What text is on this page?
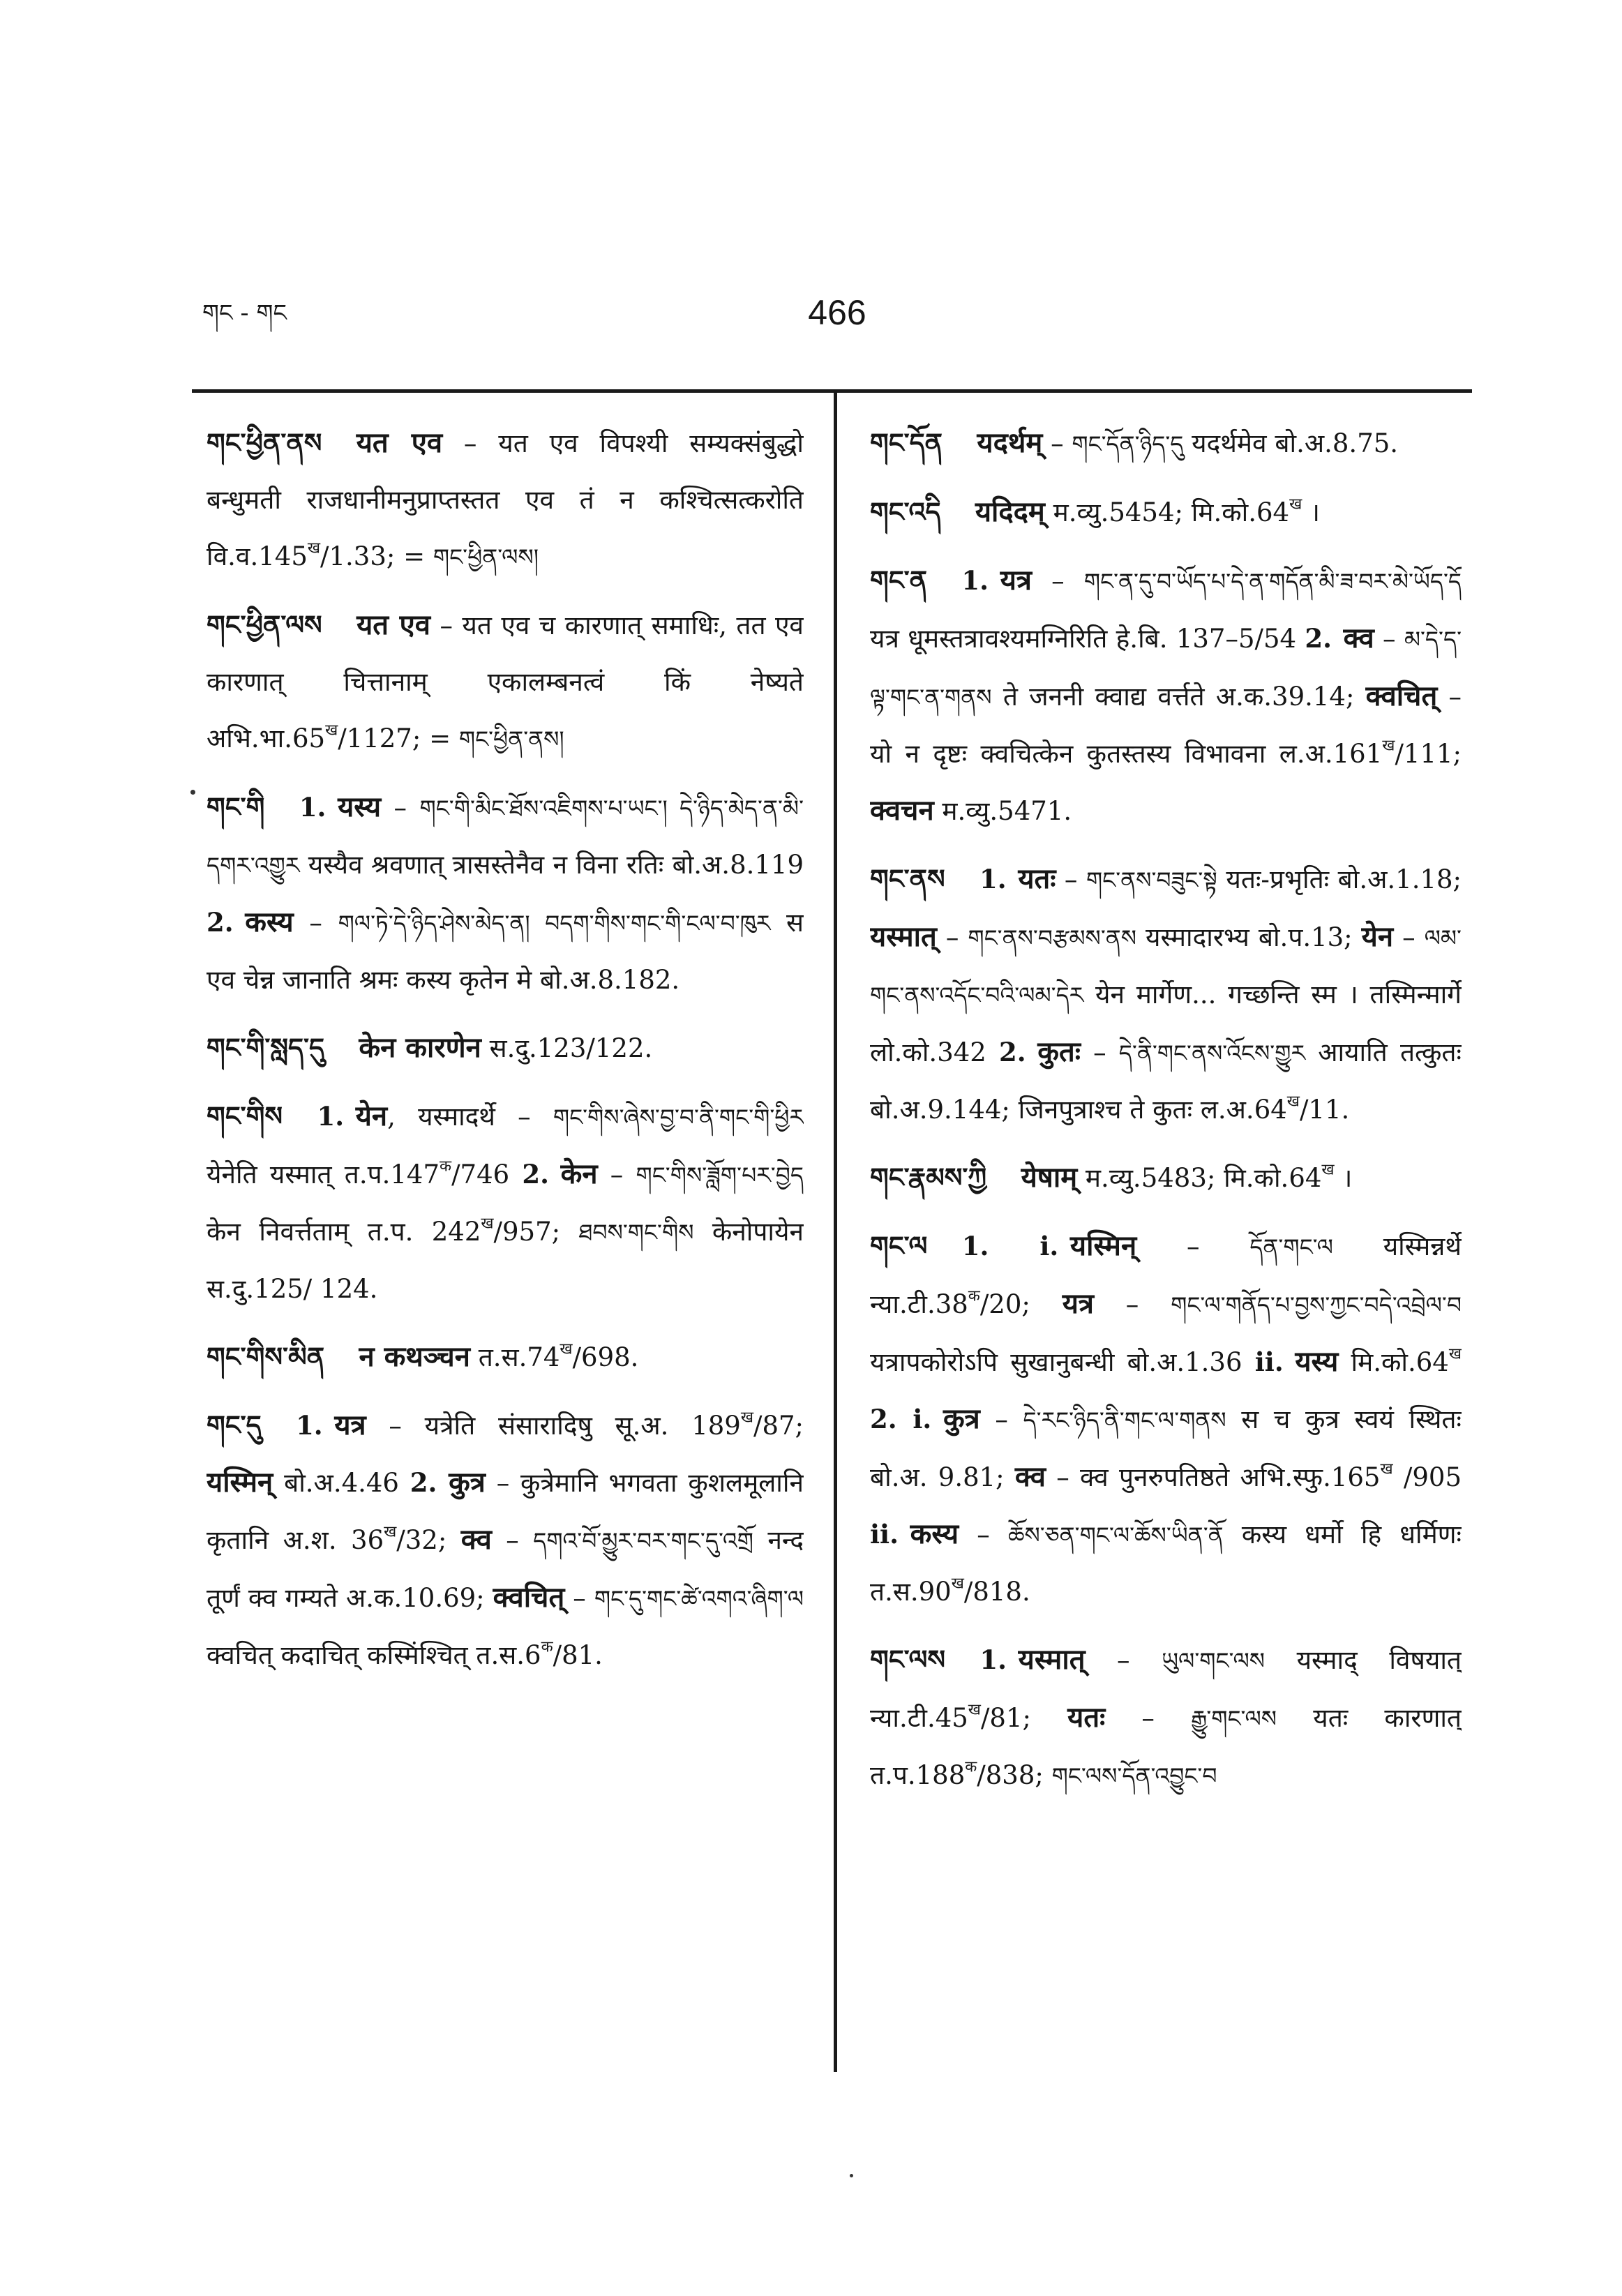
གང - གང	466

གང་ཕྱིན་ནས यत एव – यत एव विपश्यी सम्यक्संबुद्धो बन्धुमती राजधानीमनुप्राप्तस्तत एव तं न कश्चित्सत्करोति $वि.व.145^ख/1.33$; = གང་ཕྱིན་ལས།

གང་ཕྱིན་ལས यत एव – यत एव च कारणात् समाधिः, तत एव कारणात् चित्तानाम् एकालम्बनत्वं किं नेष्यते $अभि.भा.65^ख/1127$; = གང་ཕྱིན་ནས།

གང་གི 1. यस्य – གང་གི་མིང་ཐོས་འཇིགས་པ་ཡང་། དེ་ཉིད་མེད་ན་མི་དགར་འགྱུར यस्यैव श्रवणात् त्रासस्तेनैव न विना रतिः बो.अ.8.119 2. कस्य – གལ་ཏེ་དེ་ཉིད་ཤེས་མེད་ན། བདག་གིས་གང་གི་ངལ་བ་ཁུར स एव चेन्न जानाति श्रमः कस्य कृतेन मे बो.अ.8.182.

གང་གི་སླད་དུ केन कारणेन स.दु.123/122.

གང་གིས 1. येन, यस्मादर्थे – གང་གིས་ཞེས་བྱ་བ་ནི་གང་གི་ཕྱིར येनेति यस्मात् $त.प.147^क/746$ 2. केन – གང་གིས་ཟློག་པར་བྱེད केन निवर्त्तताम् त.प. $242^ख/957$; ཐབས་གང་གིས केनोपायेन स.दु.125/ 124.

གང་གིས་མིན न कथञ्चन $त.स.74^ख/698$.

གང་དུ 1. यत्र – यत्रेति संसारादिषु सू.अ. $189^ख/87$; यस्मिन् बो.अ.4.46 2. कुत्र – कुत्रेमानि भगवता कुशलमूलानि कृतानि अ.श. $36^ख/32$; क्व – དགའ་བོ་མྱུར་བར་གང་དུ་འགྲོ नन्द तूर्णं क्व गम्यते अ.क.10.69; क्वचित् – གང་དུ་གང་ཚེ་འགའ་ཞིག་ལ क्वचित् कदाचित् कस्मिंश्चित् $त.स.6^क/81$.

གང་དོན यदर्थम् – གང་དོན་ཉིད་དུ यदर्थमेव बो.अ.8.75.

གང་འདི यदिदम् म.व्यु.5454; $मि.को.64^ख$ ।

གང་ན 1. यत्र – གང་ན་དུ་བ་ཡོད་པ་དེ་ན་གདོན་མི་ཟ་བར་མེ་ཡོད་དོ यत्र धूमस्तत्रावश्यमग्निरिति हे.बि. 137–5/54 2. क्व – མ་དེ་ད་ལྟ་གང་ན་གནས ते जननी क्वाद्य वर्त्तते अ.क.39.14; क्वचित् – यो न दृष्टः क्वचित्केन कुतस्तस्य विभावना $ल.अ.161^ख/111$; क्वचन म.व्यु.5471.

གང་ནས 1. यतः – གང་ནས་བཟུང་སྟེ यतः-प्रभृतिः बो.अ.1.18; यस्मात् – གང་ནས་བརྩམས་ནས यस्मादारभ्य बो.प.13; येन – ལམ་གང་ནས་འདོང་བའི་ལམ་དེར येन मार्गेण... गच्छन्ति स्म । तस्मिन्मार्गे लो.को.342 2. कुतः – དེ་ནི་གང་ནས་འོངས་གྱུར आयाति तत्कुतः बो.अ.9.144; जिनपुत्राश्च ते कुतः $ल.अ.64^ख/11$.

གང་རྣམས་ཀྱི येषाम् म.व्यु.5483; $मि.को.64^ख$ ।

གང་ལ 1. i. यस्मिन् – དོན་གང་ལ यस्मिन्नर्थे $न्या.टी.38^क/20$; यत्र – གང་ལ་གནོད་པ་བྱས་ཀྱང་བདེ་འབྲེལ་བ यत्रापकोरोऽपि सुखानुबन्धी बो.अ.1.36 ii. यस्य $मि.को.64^ख$ 2. i. कुत्र – དེ་རང་ཉིད་ནི་གང་ལ་གནས स च कुत्र स्वयं स्थितः बो.अ. 9.81; क्व – क्व पुनरुपतिष्ठते $अभि.स्फु.165^ख$ /905 ii. कस्य – ཆོས་ཅན་གང་ལ་ཆོས་ཡིན་ནོ कस्य धर्मो हि धर्मिणः $त.स.90^ख/818$.

གང་ལས 1. यस्मात् – ཡུལ་གང་ལས यस्माद् विषयात् $न्या.टी.45^ख/81$; यतः – རྒྱུ་གང་ལས यतः कारणात् $त.प.188^क/838$; གང་ལས་དོན་འབྱུང་བ
